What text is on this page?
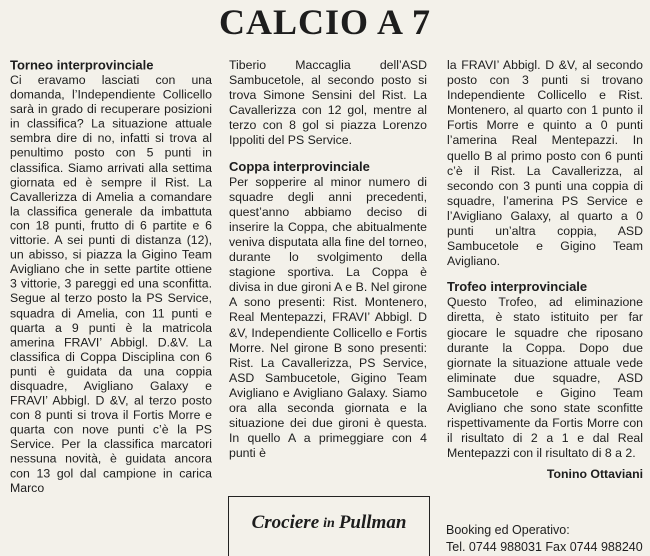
CALCIO A 7
Torneo interprovinciale

Ci eravamo lasciati con una domanda, l’Independiente Collicello sarà in grado di recuperare posizioni in classifica? La situazione attuale sembra dire di no, infatti si trova al penultimo posto con 5 punti in classifica. Siamo arrivati alla settima giornata ed è sempre il Rist. La Cavallerizza di Amelia a comandare la classifica generale da imbattuta con 18 punti, frutto di 6 partite e 6 vittorie. A sei punti di distanza (12), un abisso, si piazza la Gigino Team Avigliano che in sette partite ottiene 3 vittorie, 3 pareggi ed una sconfitta. Segue al terzo posto la PS Service, squadra di Amelia, con 11 punti e quarta a 9 punti è la matricola amerina FRAVI’ Abbigl. D.&V. La classifica di Coppa Disciplina con 6 punti è guidata da una coppia disquadre, Avigliano Galaxy e FRAVI’ Abbigl. D &V, al terzo posto con 8 punti si trova il Fortis Morre e quarta con nove punti c’è la PS Service. Per la classifica marcatori nessuna novità, è guidata ancora con 13 gol dal campione in carica Marco

Tiberio Maccaglia dell’ASD Sambucetole, al secondo posto si trova Simone Sensini del Rist. La Cavallerizza con 12 gol, mentre al terzo con 8 gol si piazza Lorenzo Ippoliti del PS Service.

Coppa interprovinciale

Per sopperire al minor numero di squadre degli anni precedenti, quest’anno abbiamo deciso di inserire la Coppa, che abitualmente veniva disputata alla fine del torneo, durante lo svolgimento della stagione sportiva. La Coppa è divisa in due gironi A e B. Nel girone A sono presenti: Rist. Montenero, Real Mentepazzi, FRAVI’ Abbigl. D &V, Independiente Collicello e Fortis Morre. Nel girone B sono presenti: Rist. La Cavallerizza, PS Service, ASD Sambucetole, Gigino Team Avigliano e Avigliano Galaxy. Siamo ora alla seconda giornata e la situazione dei due gironi è questa. In quello A a primeggiare con 4 punti è

la FRAVI’ Abbigl. D &V, al secondo posto con 3 punti si trovano Independiente Collicello e Rist. Montenero, al quarto con 1 punto il Fortis Morre e quinto a 0 punti l’amerina Real Mentepazzi. In quello B al primo posto con 6 punti c’è il Rist. La Cavallerizza, al secondo con 3 punti una coppia di squadre, l’amerina PS Service e l’Avigliano Galaxy, al quarto a 0 punti un’altra coppia, ASD Sambucetole e Gigino Team Avigliano.

Trofeo interprovinciale

Questo Trofeo, ad eliminazione diretta, è stato istituito per far giocare le squadre che riposano durante la Coppa. Dopo due giornate la situazione attuale vede eliminate due squadre, ASD Sambucetole e Gigino Team Avigliano che sono state sconfitte rispettivamente da Fortis Morre con il risultato di 2 a 1 e dal Real Mentepazzi con il risultato di 8 a 2.

Tonino Ottaviani
Crociere in Pullman	Booking ed Operativo:
Tel. 0744 988031 Fax 0744 988240
